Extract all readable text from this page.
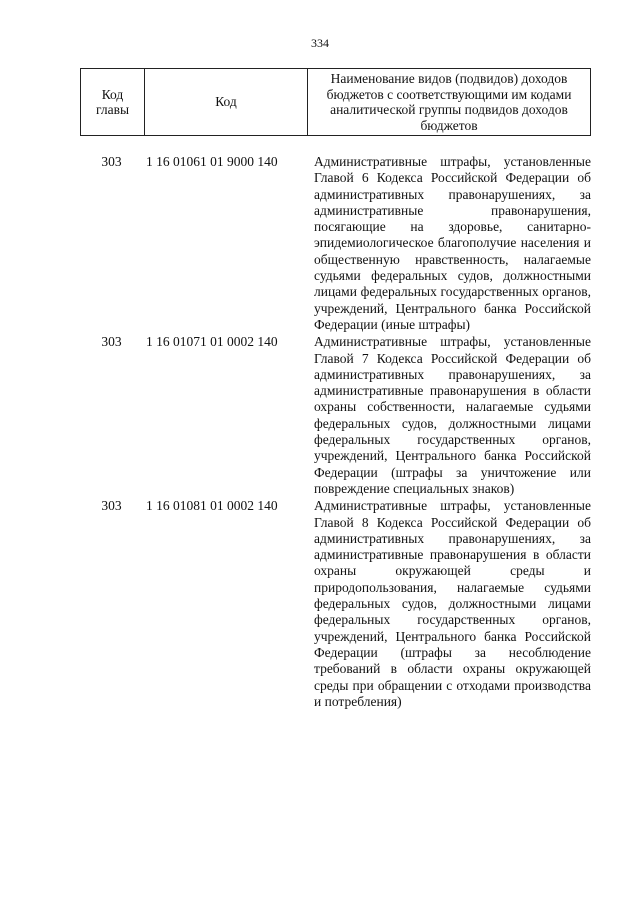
334
Код главы	Код	Наименование видов (подвидов) доходов бюджетов с соответствующими им кодами аналитической группы подвидов доходов бюджетов
303	1 16 01061 01 9000 140	Административные штрафы, установленные Главой 6 Кодекса Российской Федерации об административных правонарушениях, за административные правонарушения, посягающие на здоровье, санитарно-эпидемиологическое благополучие населения и общественную нравственность, налагаемые судьями федеральных судов, должностными лицами федеральных государственных органов, учреждений, Центрального банка Российской Федерации (иные штрафы)
303	1 16 01071 01 0002 140	Административные штрафы, установленные Главой 7 Кодекса Российской Федерации об административных правонарушениях, за административные правонарушения в области охраны собственности, налагаемые судьями федеральных судов, должностными лицами федеральных государственных органов, учреждений, Центрального банка Российской Федерации (штрафы за уничтожение или повреждение специальных знаков)
303	1 16 01081 01 0002 140	Административные штрафы, установленные Главой 8 Кодекса Российской Федерации об административных правонарушениях, за административные правонарушения в области охраны окружающей среды и природопользования, налагаемые судьями федеральных судов, должностными лицами федеральных государственных органов, учреждений, Центрального банка Российской Федерации (штрафы за несоблюдение требований в области охраны окружающей среды при обращении с отходами производства и потребления)
